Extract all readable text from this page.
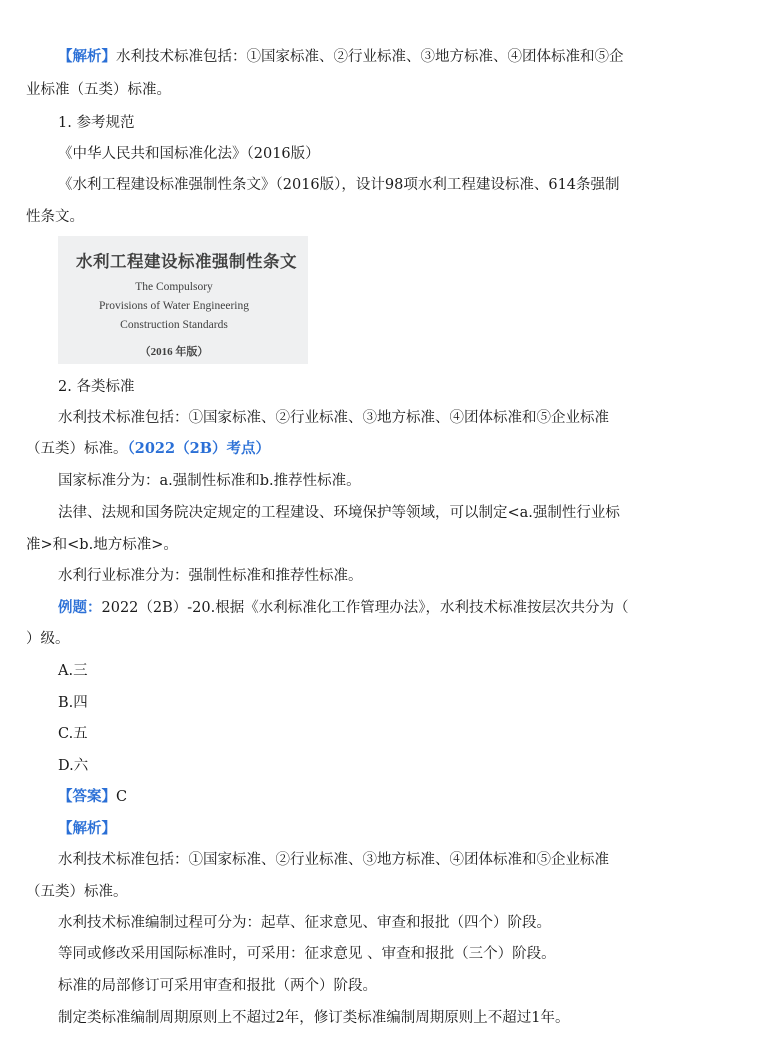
【解析】水利技术标准包括：①国家标准、②行业标准、③地方标准、④团体标准和⑤企
业标准（五类）标准。
1. 参考规范
《中华人民共和国标准化法》（2016版）
《水利工程建设标准强制性条文》（2016版），设计98项水利工程建设标准、614条强制
性条文。
水利工程建设标准强制性条文
The Compulsory
Provisions of Water Engineering
Construction Standards
（2016 年版）
2. 各类标准
水利技术标准包括：①国家标准、②行业标准、③地方标准、④团体标准和⑤企业标准
（五类）标准。（2022（2B）考点）
国家标准分为：a.强制性标准和b.推荐性标准。
法律、法规和国务院决定规定的工程建设、环境保护等领域，可以制定<a.强制性行业标
准>和<b.地方标准>。
水利行业标准分为：强制性标准和推荐性标准。
例题：2022（2B）-20.根据《水利标准化工作管理办法》，水利技术标准按层次共分为（
）级。
A.三
B.四
C.五
D.六
【答案】C
【解析】
水利技术标准包括：①国家标准、②行业标准、③地方标准、④团体标准和⑤企业标准
（五类）标准。
水利技术标准编制过程可分为：起草、征求意见、审查和报批（四个）阶段。
等同或修改采用国际标准时，可采用：征求意见 、审查和报批（三个）阶段。
标准的局部修订可采用审查和报批（两个）阶段。
制定类标准编制周期原则上不超过2年，修订类标准编制周期原则上不超过1年。
